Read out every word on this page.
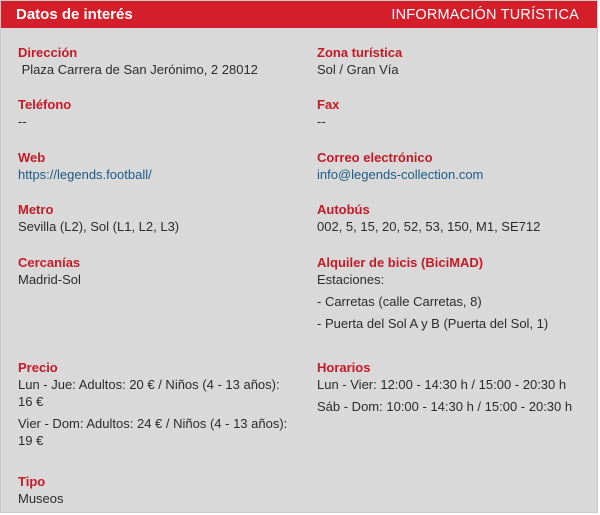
Datos de interés	INFORMACIÓN TURÍSTICA
Dirección
Plaza Carrera de San Jerónimo, 2 28012
Teléfono
--
Web
https://legends.football/
Metro
Sevilla (L2), Sol (L1, L2, L3)
Cercanías
Madrid-Sol
Precio
Lun - Jue: Adultos: 20 € / Niños (4 - 13 años):
16 €
Vier - Dom: Adultos: 24 € / Niños (4 - 13 años):
19 €
Tipo
Museos
Zona turística
Sol / Gran Vía
Fax
--
Correo electrónico
info@legends-collection.com
Autobús
002, 5, 15, 20, 52, 53, 150, M1, SE712
Alquiler de bicis (BiciMAD)
Estaciones:
- Carretas (calle Carretas, 8)
- Puerta del Sol A y B (Puerta del Sol, 1)
Horarios
Lun - Vier: 12:00 - 14:30 h / 15:00 - 20:30 h
Sáb - Dom: 10:00 - 14:30 h / 15:00 - 20:30 h
